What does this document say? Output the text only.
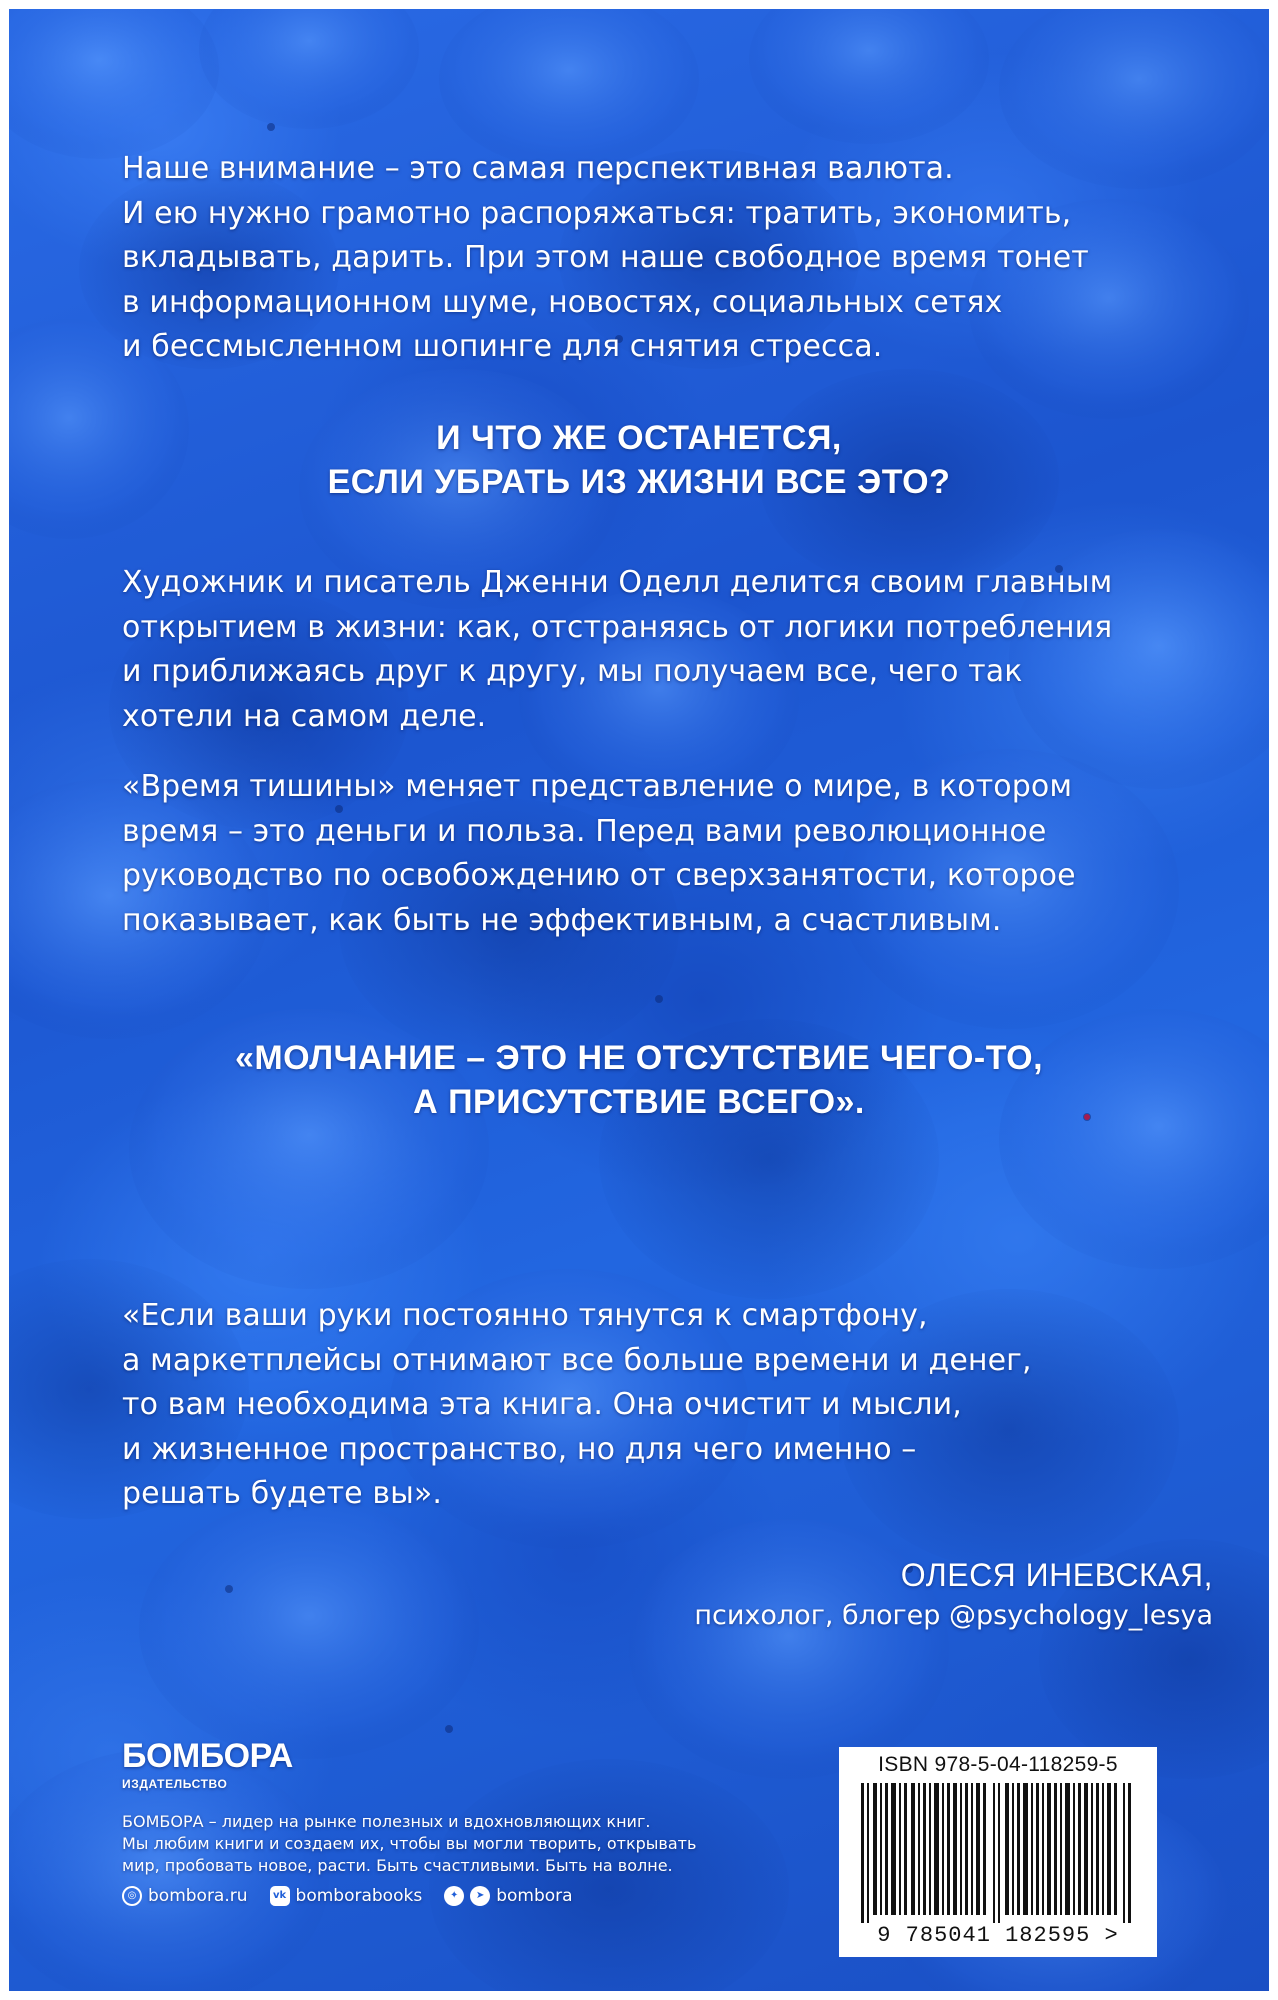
Наше внимание – это самая перспективная валюта.
И ею нужно грамотно распоряжаться: тратить, экономить,
вкладывать, дарить. При этом наше свободное время тонет
в информационном шуме, новостях, социальных сетях
и бессмысленном шопинге для снятия стресса.
И ЧТО ЖЕ ОСТАНЕТСЯ,
ЕСЛИ УБРАТЬ ИЗ ЖИЗНИ ВСЕ ЭТО?
Художник и писатель Дженни Оделл делится своим главным
открытием в жизни: как, отстраняясь от логики потребления
и приближаясь друг к другу, мы получаем все, чего так
хотели на самом деле.
«Время тишины» меняет представление о мире, в котором
время – это деньги и польза. Перед вами революционное
руководство по освобождению от сверхзанятости, которое
показывает, как быть не эффективным, а счастливым.
«МОЛЧАНИЕ – ЭТО НЕ ОТСУТСТВИЕ ЧЕГО-ТО,
А ПРИСУТСТВИЕ ВСЕГО».
«Если ваши руки постоянно тянутся к смартфону,
а маркетплейсы отнимают все больше времени и денег,
то вам необходима эта книга. Она очистит и мысли,
и жизненное пространство, но для чего именно –
решать будете вы».
ОЛЕСЯ ИНЕВСКАЯ,
психолог, блогер @psychology_lesya
БОМБОРА
ИЗДАТЕЛЬСТВО
БОМБОРА – лидер на рынке полезных и вдохновляющих книг.
Мы любим книги и создаем их, чтобы вы могли творить, открывать
мир, пробовать новое, расти. Быть счастливыми. Быть на волне.
◎ bombora.ru	vk bomborabooks	✦	➤ bombora
ISBN 978-5-04-118259-5
9 785041 182595 >
